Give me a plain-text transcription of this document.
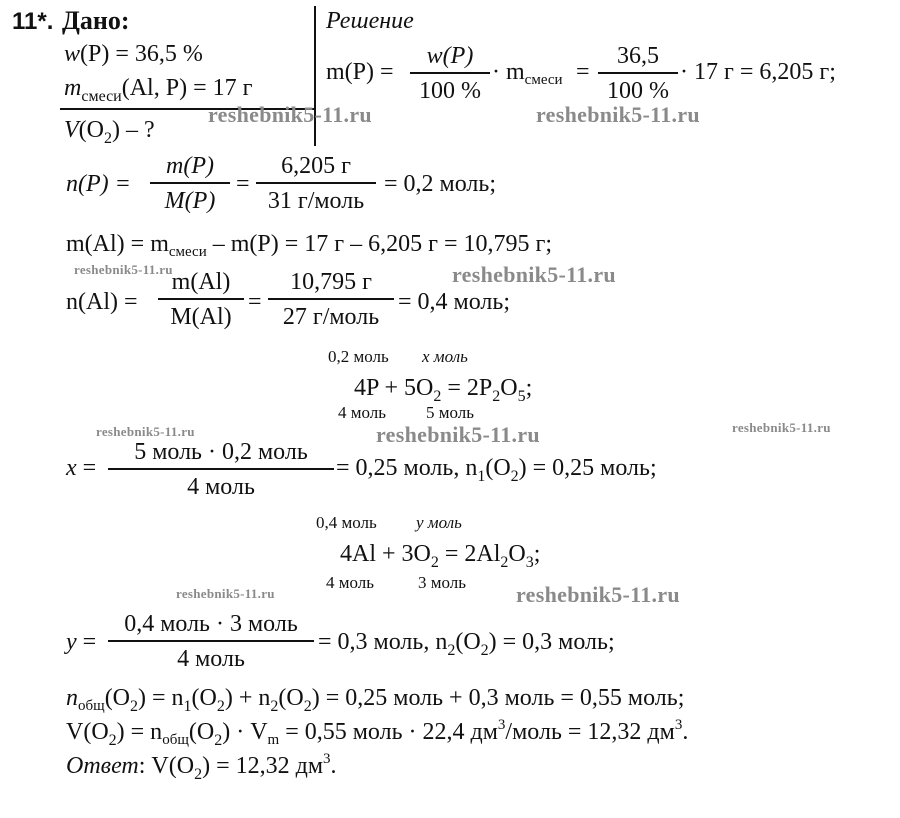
11*. Дано:	Решение
w(P) = 36,5 %
$m_{смеси}(Al$, P) = 17 г
$V(O_2)$ – ?
m(P) =
w(P)
100 %
· $m_{смеси}$ =
36,5
100 %
· 17 г = 6,205 г;
n(P) =
m(P)
M(P)
=
6,205 г
31 г/моль
= 0,2 моль;
$m(Al) = m_{смеси} - m(P) = 17$ г – 6,205 г = 10,795 г;
n(Al) =
m(Al)
M(Al)
=
10,795 г
27 г/моль
= 0,4 моль;
0,2 моль x моль
$4P + 5O_2 = 2P_2O_5$;
4 моль 5 моль
x =
5 моль · 0,2 моль
4 моль
= 0,25 моль, $n_1(O_2) = 0,25$ моль;
0,4 моль y моль
$4Al + 3O_2 = 2Al_2O_3$;
4 моль	3 моль
y =
0,4 моль · 3 моль
4 моль
= 0,3 моль, $n_2(O_2) = 0,3$ моль;
$n_{общ}(O_2) = n_1(O_2) + n_2(O_2) = 0,25$ моль + 0,3 моль = 0,55 моль;
$V(O_2) = n_{общ}(O_2) \cdot V_m = 0,55$ моль · 22,4 $дм^3$/моль = 12,32 $дм^3$.
Ответ: $V(O_2) = 12,32$ $дм^3$.
reshebnik5-11.ru	reshebnik5-11.ru
reshebnik5-11.ru	reshebnik5-11.ru
reshebnik5-11.ru	reshebnik5-11.ru	reshebnik5-11.ru
reshebnik5-11.ru	reshebnik5-11.ru
